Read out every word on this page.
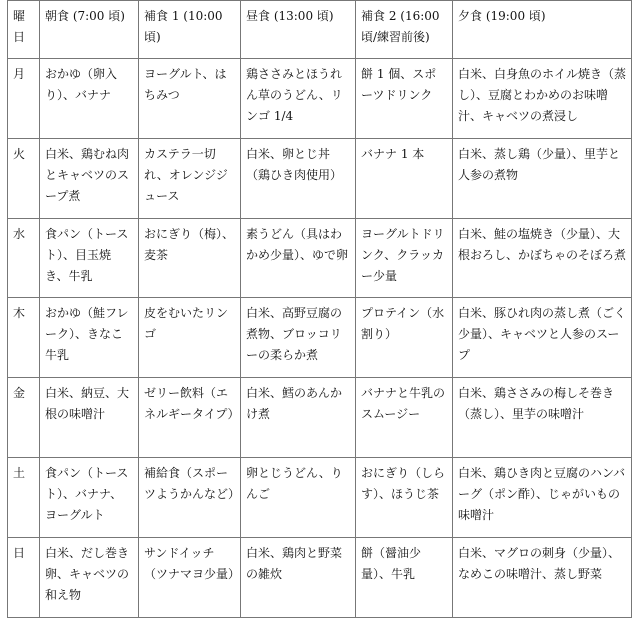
曜日	朝食 (7:00 頃)	補食 1 (10:00 頃)	昼食 (13:00 頃)	補食 2 (16:00 頃/練習前後)	夕食 (19:00 頃)
月	おかゆ（卵入り）、バナナ	ヨーグルト、はちみつ	鶏ささみとほうれん草のうどん、リンゴ 1/4	餅 1 個、スポーツドリンク	白米、白身魚のホイル焼き（蒸し）、豆腐とわかめのお味噌汁、キャベツの煮浸し
火	白米、鶏むね肉とキャベツのスープ煮	カステラ一切れ、オレンジジュース	白米、卵とじ丼（鶏ひき肉使用）	バナナ 1 本	白米、蒸し鶏（少量）、里芋と人参の煮物
水	食パン（トースト）、目玉焼き、牛乳	おにぎり（梅）、麦茶	素うどん（具はわかめ少量）、ゆで卵	ヨーグルトドリンク、クラッカー少量	白米、鮭の塩焼き（少量）、大根おろし、かぼちゃのそぼろ煮
木	おかゆ（鮭フレーク）、きなこ牛乳	皮をむいたリンゴ	白米、高野豆腐の煮物、ブロッコリーの柔らか煮	プロテイン（水割り）	白米、豚ひれ肉の蒸し煮（ごく少量）、キャベツと人参のスープ
金	白米、納豆、大根の味噌汁	ゼリー飲料（エネルギータイプ）	白米、鱈のあんかけ煮	バナナと牛乳のスムージー	白米、鶏ささみの梅しそ巻き（蒸し）、里芋の味噌汁
土	食パン（トースト）、バナナ、ヨーグルト	補給食（スポーツようかんなど）	卵とじうどん、りんご	おにぎり（しらす）、ほうじ茶	白米、鶏ひき肉と豆腐のハンバーグ（ポン酢）、じゃがいもの味噌汁
日	白米、だし巻き卵、キャベツの和え物	サンドイッチ（ツナマヨ少量）	白米、鶏肉と野菜の雑炊	餅（醤油少量）、牛乳	白米、マグロの刺身（少量）、なめこの味噌汁、蒸し野菜
